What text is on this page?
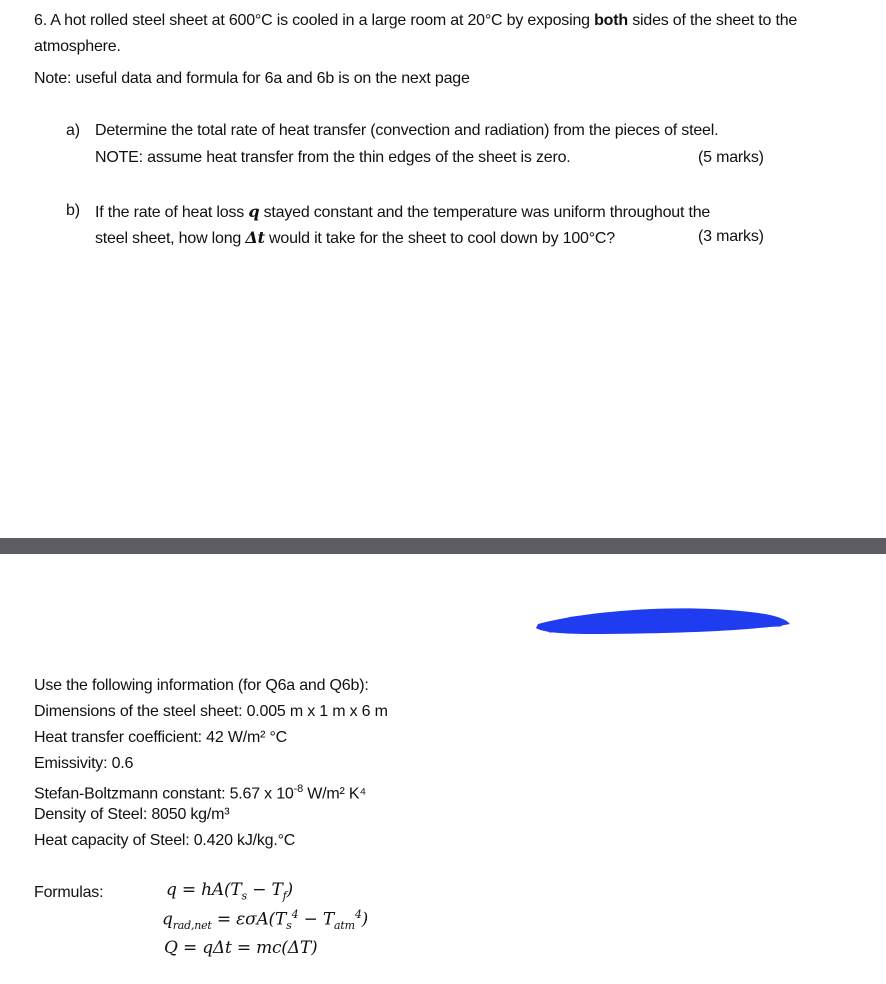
6. A hot rolled steel sheet at 600°C is cooled in a large room at 20°C by exposing both sides of the sheet to the atmosphere.
Note: useful data and formula for 6a and 6b is on the next page
a) Determine the total rate of heat transfer (convection and radiation) from the pieces of steel.
NOTE: assume heat transfer from the thin edges of the sheet is zero.	(5 marks)
b) If the rate of heat loss q stayed constant and the temperature was uniform throughout the
steel sheet, how long Δt would it take for the sheet to cool down by 100°C?	(3 marks)
Use the following information (for Q6a and Q6b):
Dimensions of the steel sheet: 0.005 m x 1 m x 6 m
Heat transfer coefficient: 42 W/m² °C
Emissivity: 0.6
Stefan-Boltzmann constant: 5.67 x $10^{-8}$ W/m² K⁴
Density of Steel: 8050 kg/m³
Heat capacity of Steel: 0.420 kJ/kg.°C
Formulas:	$q = hA(T_s - T_f)$
$q_{rad,net} = \varepsilon\sigma A(T_s^4 - T_{atm}^4)$
Q = qΔt = mc(ΔT)
